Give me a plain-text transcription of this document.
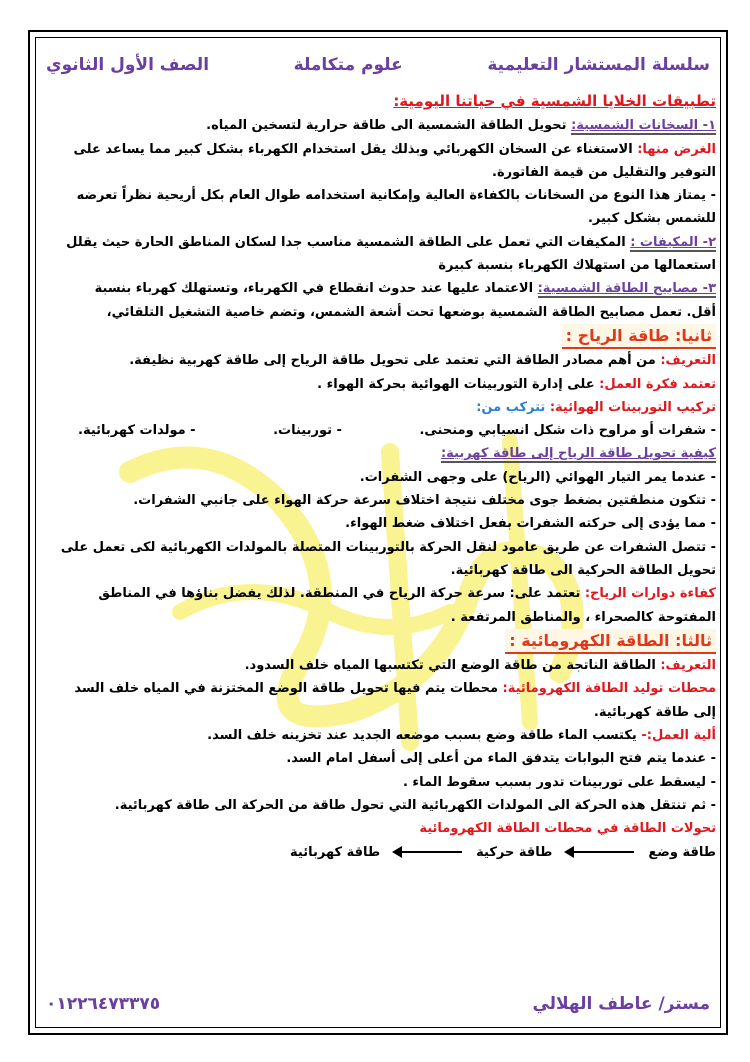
سلسلة المستشار التعليمية
علوم متكاملة
الصف الأول الثانوي
تطبيقات الخلايا الشمسية في حياتنا اليومية:
١- السخانات الشمسية: تحويل الطاقة الشمسية الى طاقة حرارية لتسخين المياه.
الغرض منها: الاستغناء عن السخان الكهربائي وبذلك يقل استخدام الكهرباء بشكل كبير مما يساعد على
التوفير والتقليل من قيمة الفاتورة.
- يمتاز هذا النوع من السخانات بالكفاءة العالية وإمكانية استخدامه طوال العام بكل أريحية نظراً تعرضه
للشمس بشكل كبير.
٢- المكيفات : المكيفات التي تعمل على الطاقة الشمسية مناسب جدا لسكان المناطق الحارة حيث يقلل
استعمالها من استهلاك الكهرباء بنسبة كبيرة
٣- مصابيح الطاقة الشمسية: الاعتماد عليها عند حدوث انقطاع في الكهرباء، وتستهلك كهرباء بنسبة
أقل. تعمل مصابيح الطاقة الشمسية بوضعها تحت أشعة الشمس، وتضم خاصية التشغيل التلقائي،
ثانيا: طاقة الرياح :
التعريف: من أهم مصادر الطاقة التي تعتمد على تحويل طاقة الرياح إلى طاقة كهربية نظيفة.
تعتمد فكرة العمل: على إدارة التوربينات الهوائية بحركة الهواء .
تركيب التوربينات الهوائية: تتركب من:
- شفرات أو مراوح ذات شكل انسيابي ومنحنى.
- توربينات.
- مولدات كهربائية.
كيفية تحويل طاقة الرياح إلى طاقة كهربية:
- عندما يمر التيار الهوائي (الرياح) على وجهى الشفرات.
- تتكون منطقتين بضغط جوى مختلف نتيجة اختلاف سرعة حركة الهواء على جانبي الشفرات.
- مما يؤدى إلى حركته الشفرات بفعل اختلاف ضغط الهواء.
- تتصل الشفرات عن طريق عامود لنقل الحركة بالتوربينات المتصلة بالمولدات الكهربائية لكى تعمل على
تحويل الطاقة الحركية الى طاقة كهربائية.
كفاءة دوارات الرياح: تعتمد على: سرعة حركة الرياح في المنطقة. لذلك يفضل بناؤها في المناطق
المفتوحة كالصحراء ، والمناطق المرتفعة .
ثالثا: الطاقة الكهرومائية :
التعريف: الطاقة الناتجة من طاقة الوضع التي تكتسبها المياه خلف السدود.
محطات توليد الطاقة الكهرومائية: محطات يتم فيها تحويل طاقة الوضع المختزنة في المياه خلف السد
إلى طاقة كهربائية.
ألية العمل:- يكتسب الماء طاقة وضع بسبب موضعه الجديد عند تخزينه خلف السد.
- عندما يتم فتح البوابات يتدفق الماء من أعلى إلى أسفل امام السد.
- ليسقط على توربينات تدور بسبب سقوط الماء .
- ثم تنتقل هذه الحركة الى المولدات الكهربائية التي تحول طاقة من الحركة الى طاقة كهربائية.
تحولات الطاقة في محطات الطاقة الكهرومائية
طاقة وضع
طاقة حركية
طاقة كهربائية
مستر/ عاطف الهلالي
٠١٢٢٦٤٧٣٣٧٥
